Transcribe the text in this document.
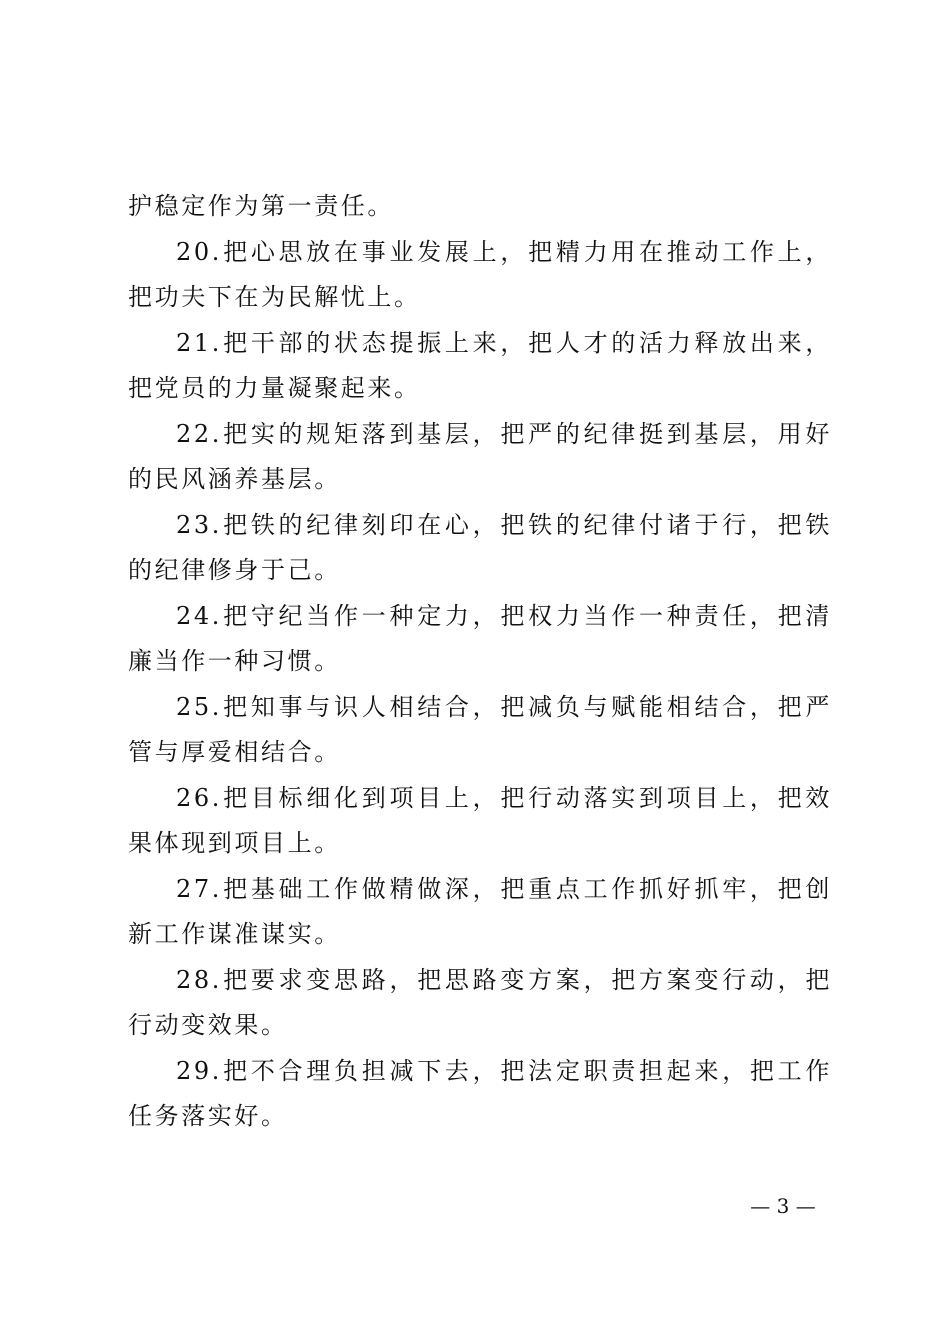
护稳定作为第一责任。

20.把心思放在事业发展上，把精力用在推动工作上，把功夫下在为民解忧上。

21.把干部的状态提振上来，把人才的活力释放出来，把党员的力量凝聚起来。

22.把实的规矩落到基层，把严的纪律挺到基层，用好的民风涵养基层。

23.把铁的纪律刻印在心，把铁的纪律付诸于行，把铁的纪律修身于己。

24.把守纪当作一种定力，把权力当作一种责任，把清廉当作一种习惯。

25.把知事与识人相结合，把减负与赋能相结合，把严管与厚爱相结合。

26.把目标细化到项目上，把行动落实到项目上，把效果体现到项目上。

27.把基础工作做精做深，把重点工作抓好抓牢，把创新工作谋准谋实。

28.把要求变思路，把思路变方案，把方案变行动，把行动变效果。

29.把不合理负担减下去，把法定职责担起来，把工作任务落实好。

— 3 —
